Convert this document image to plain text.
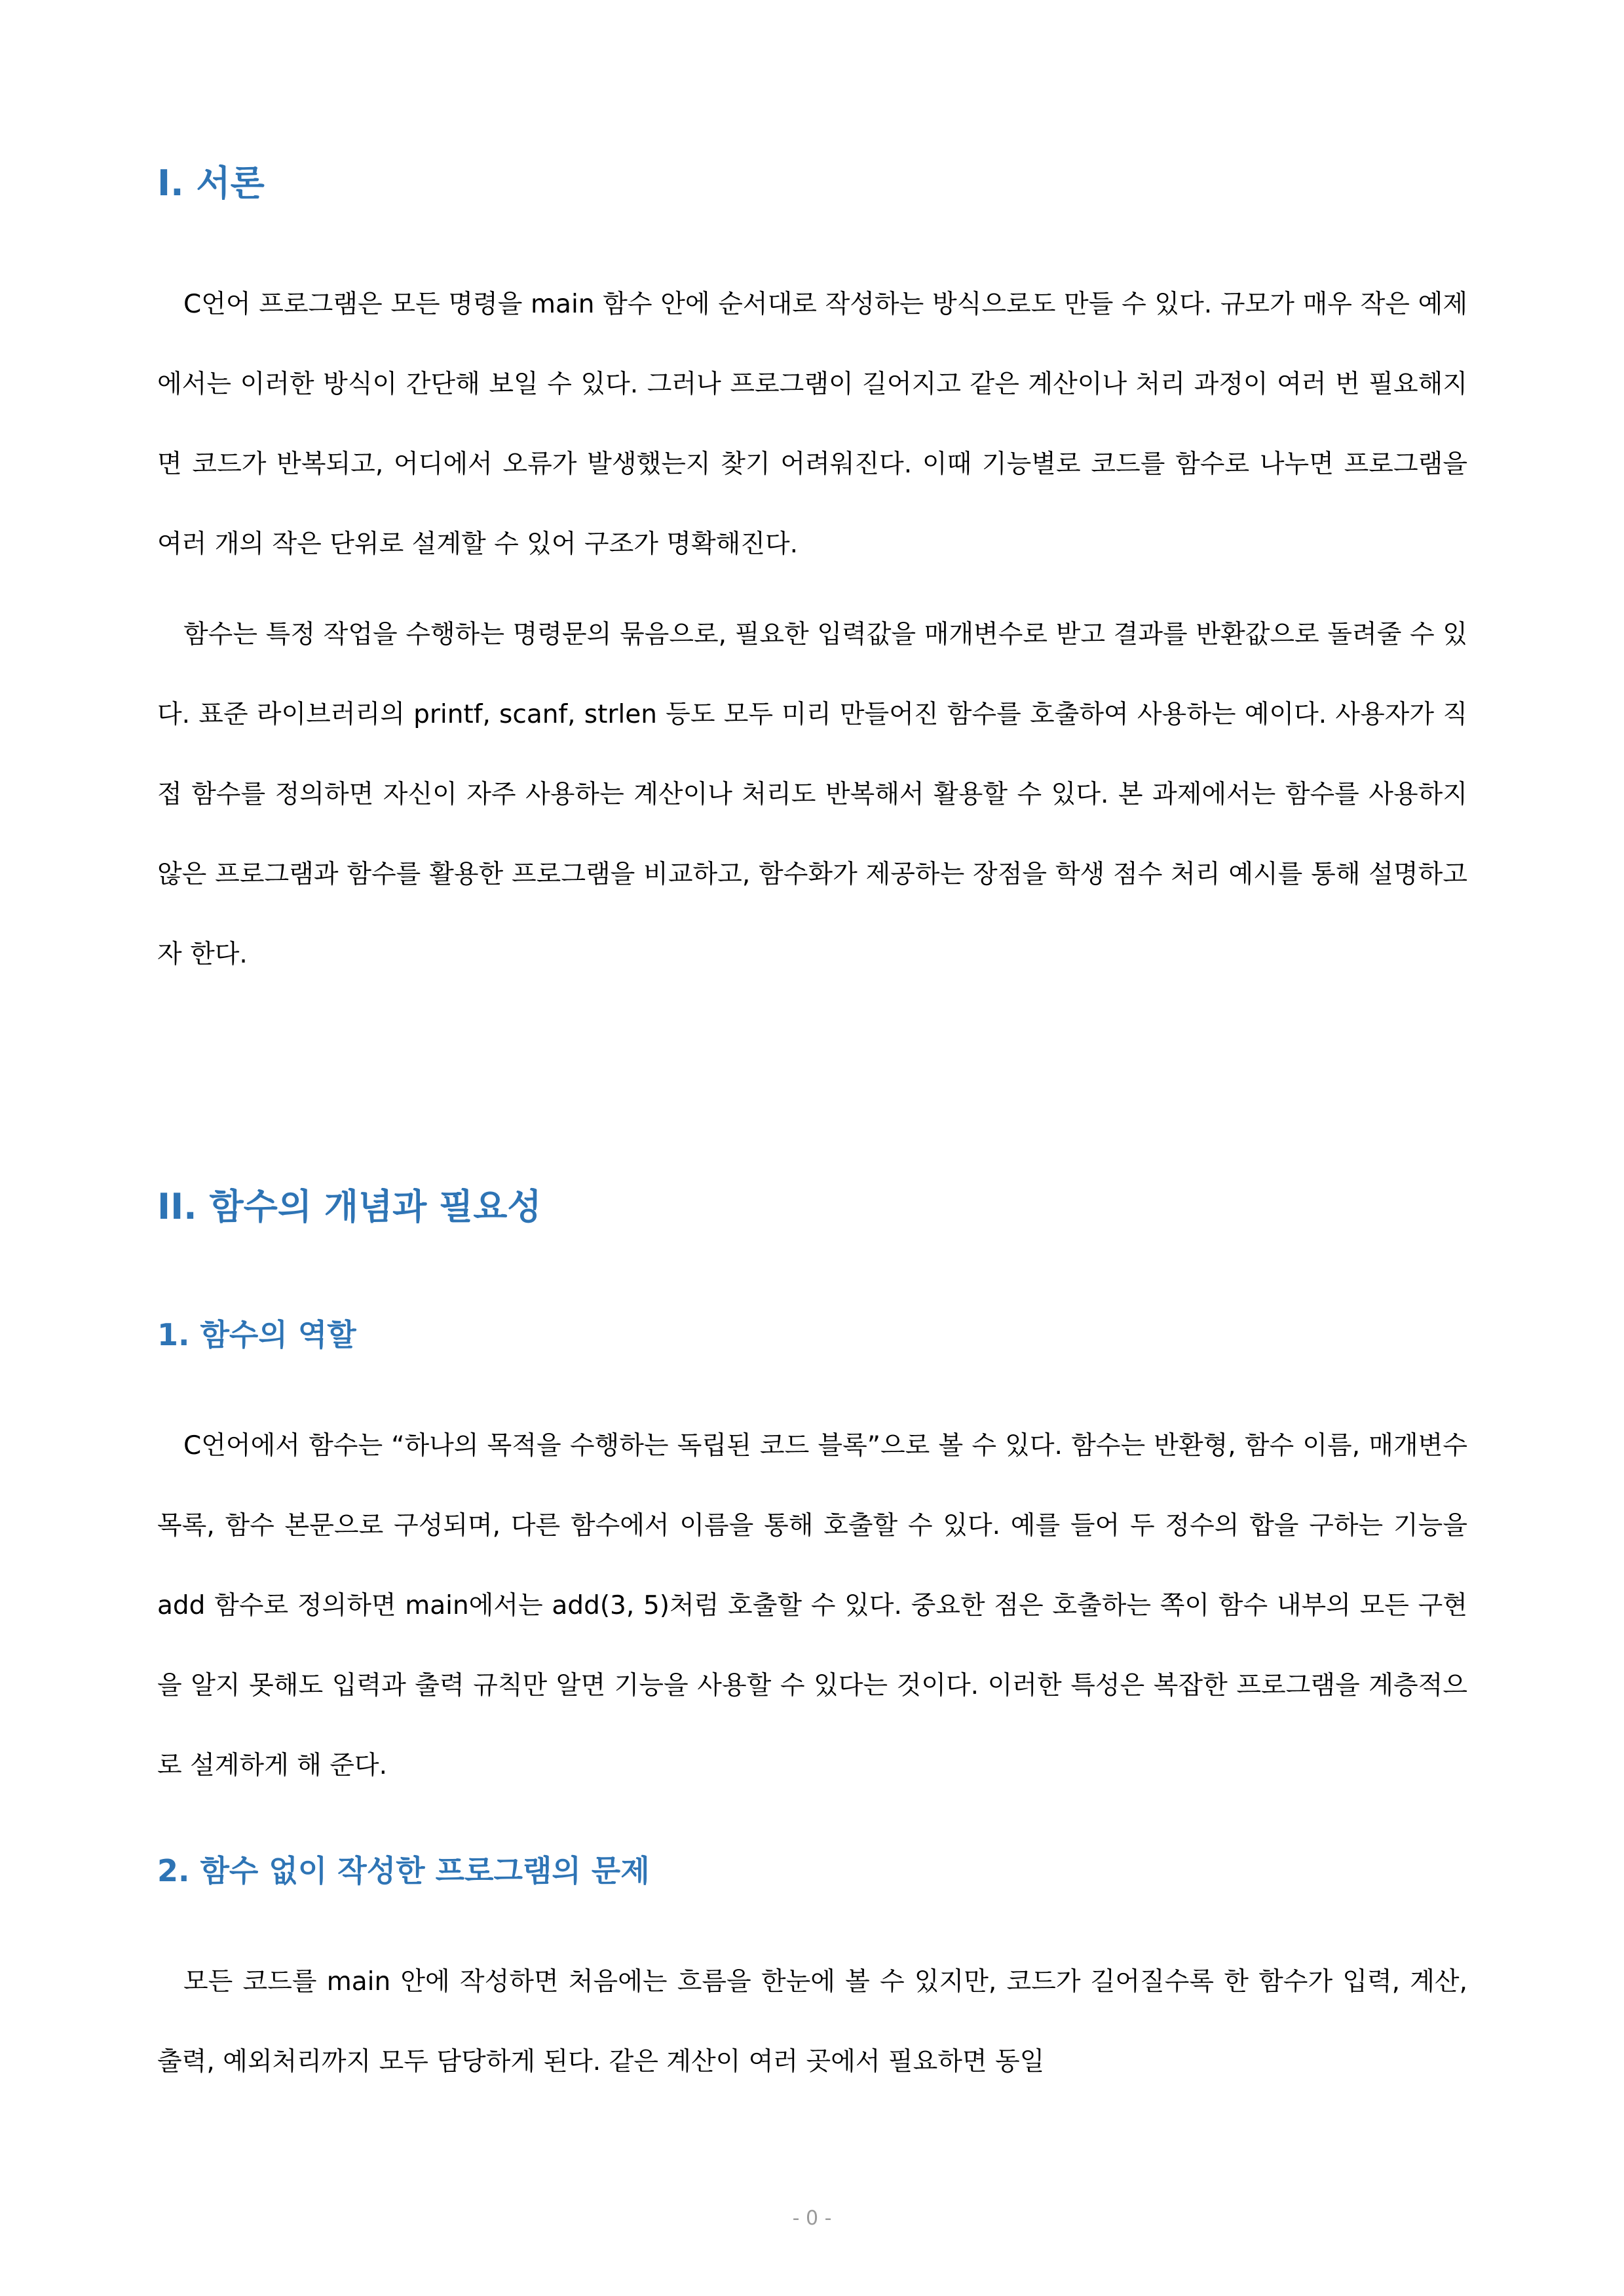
I. 서론

C언어 프로그램은 모든 명령을 main 함수 안에 순서대로 작성하는 방식으로도 만들 수 있다. 규모가 매우 작은 예제에서는 이러한 방식이 간단해 보일 수 있다. 그러나 프로그램이 길어지고 같은 계산이나 처리 과정이 여러 번 필요해지면 코드가 반복되고, 어디에서 오류가 발생했는지 찾기 어려워진다. 이때 기능별로 코드를 함수로 나누면 프로그램을 여러 개의 작은 단위로 설계할 수 있어 구조가 명확해진다.

함수는 특정 작업을 수행하는 명령문의 묶음으로, 필요한 입력값을 매개변수로 받고 결과를 반환값으로 돌려줄 수 있다. 표준 라이브러리의 printf, scanf, strlen 등도 모두 미리 만들어진 함수를 호출하여 사용하는 예이다. 사용자가 직접 함수를 정의하면 자신이 자주 사용하는 계산이나 처리도 반복해서 활용할 수 있다. 본 과제에서는 함수를 사용하지 않은 프로그램과 함수를 활용한 프로그램을 비교하고, 함수화가 제공하는 장점을 학생 점수 처리 예시를 통해 설명하고자 한다.

II. 함수의 개념과 필요성
1. 함수의 역할

C언어에서 함수는 “하나의 목적을 수행하는 독립된 코드 블록”으로 볼 수 있다. 함수는 반환형, 함수 이름, 매개변수 목록, 함수 본문으로 구성되며, 다른 함수에서 이름을 통해 호출할 수 있다. 예를 들어 두 정수의 합을 구하는 기능을 add 함수로 정의하면 main에서는 add(3, 5)처럼 호출할 수 있다. 중요한 점은 호출하는 쪽이 함수 내부의 모든 구현을 알지 못해도 입력과 출력 규칙만 알면 기능을 사용할 수 있다는 것이다. 이러한 특성은 복잡한 프로그램을 계층적으로 설계하게 해 준다.

2. 함수 없이 작성한 프로그램의 문제

모든 코드를 main 안에 작성하면 처음에는 흐름을 한눈에 볼 수 있지만, 코드가 길어질수록 한 함수가 입력, 계산, 출력, 예외처리까지 모두 담당하게 된다. 같은 계산이 여러 곳에서 필요하면 동일

- 0 -
